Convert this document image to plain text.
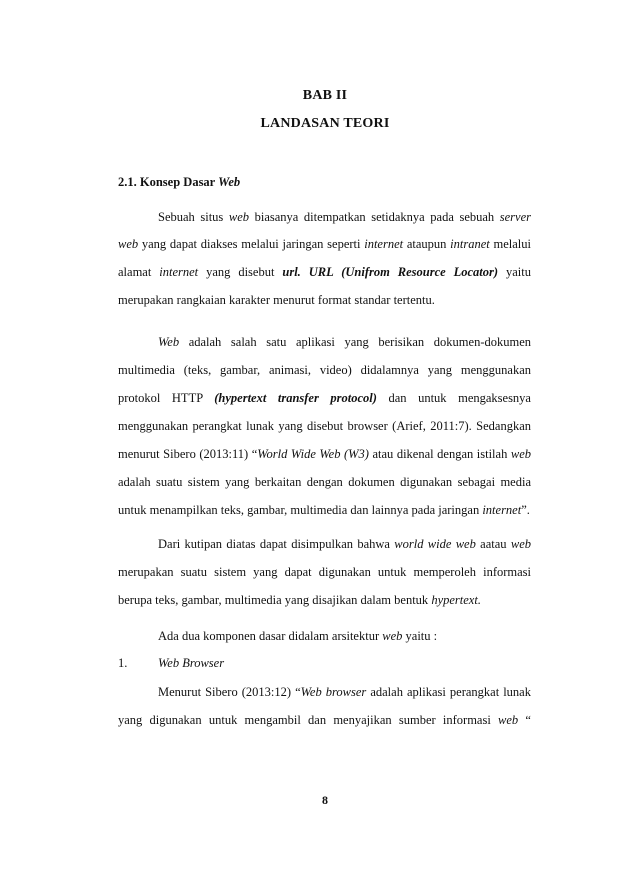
BAB II
LANDASAN TEORI
2.1. Konsep Dasar Web
Sebuah situs web biasanya ditempatkan setidaknya pada sebuah server
web yang dapat diakses melalui jaringan seperti internet ataupun intranet melalui
alamat internet yang disebut url. URL (Unifrom Resource Locator) yaitu
merupakan rangkaian karakter menurut format standar tertentu.
Web adalah salah satu aplikasi yang berisikan dokumen-dokumen
multimedia (teks, gambar, animasi, video) didalamnya yang menggunakan
protokol HTTP (hypertext transfer protocol) dan untuk mengaksesnya
menggunakan perangkat lunak yang disebut browser (Arief, 2011:7). Sedangkan
menurut Sibero (2013:11) “World Wide Web (W3) atau dikenal dengan istilah web
adalah suatu sistem yang berkaitan dengan dokumen digunakan sebagai media
untuk menampilkan teks, gambar, multimedia dan lainnya pada jaringan internet”.
Dari kutipan diatas dapat disimpulkan bahwa world wide web aatau web
merupakan suatu sistem yang dapat digunakan untuk memperoleh informasi
berupa teks, gambar, multimedia yang disajikan dalam bentuk hypertext.
Ada dua komponen dasar didalam arsitektur web yaitu :
1. Web Browser
Menurut Sibero (2013:12) “Web browser adalah aplikasi perangkat lunak
yang digunakan untuk mengambil dan menyajikan sumber informasi web “
8
